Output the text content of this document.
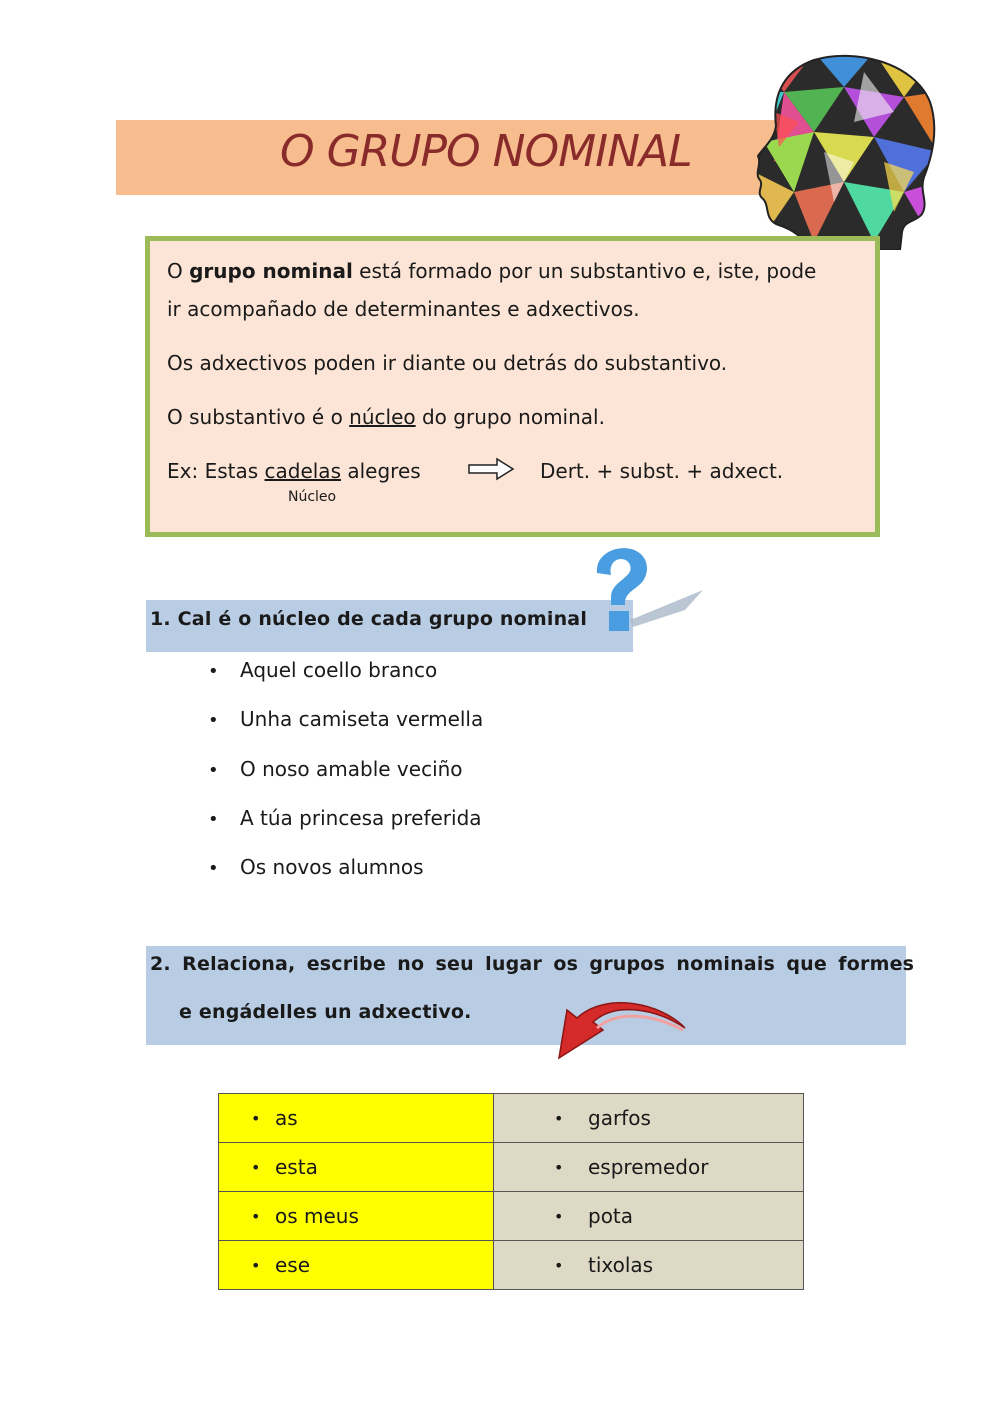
O GRUPO NOMINAL
O grupo nominal está formado por un substantivo e, iste, pode
ir acompañado de determinantes e adxectivos.
Os adxectivos poden ir diante ou detrás do substantivo.
O substantivo é o núcleo do grupo nominal.
Ex: Estas cadelas alegres	Dert. + subst. + adxect.
Núcleo
1. Cal é o núcleo de cada grupo nominal
• Aquel coello branco
• Unha camiseta vermella
• O noso amable veciño
• A túa princesa preferida
• Os novos alumnos
2. Relaciona, escribe no seu lugar os grupos nominais que formes
e engádelles un adxectivo.
• as	• garfos

• esta	• espremedor

• os meus	• pota

• ese	• tixolas
